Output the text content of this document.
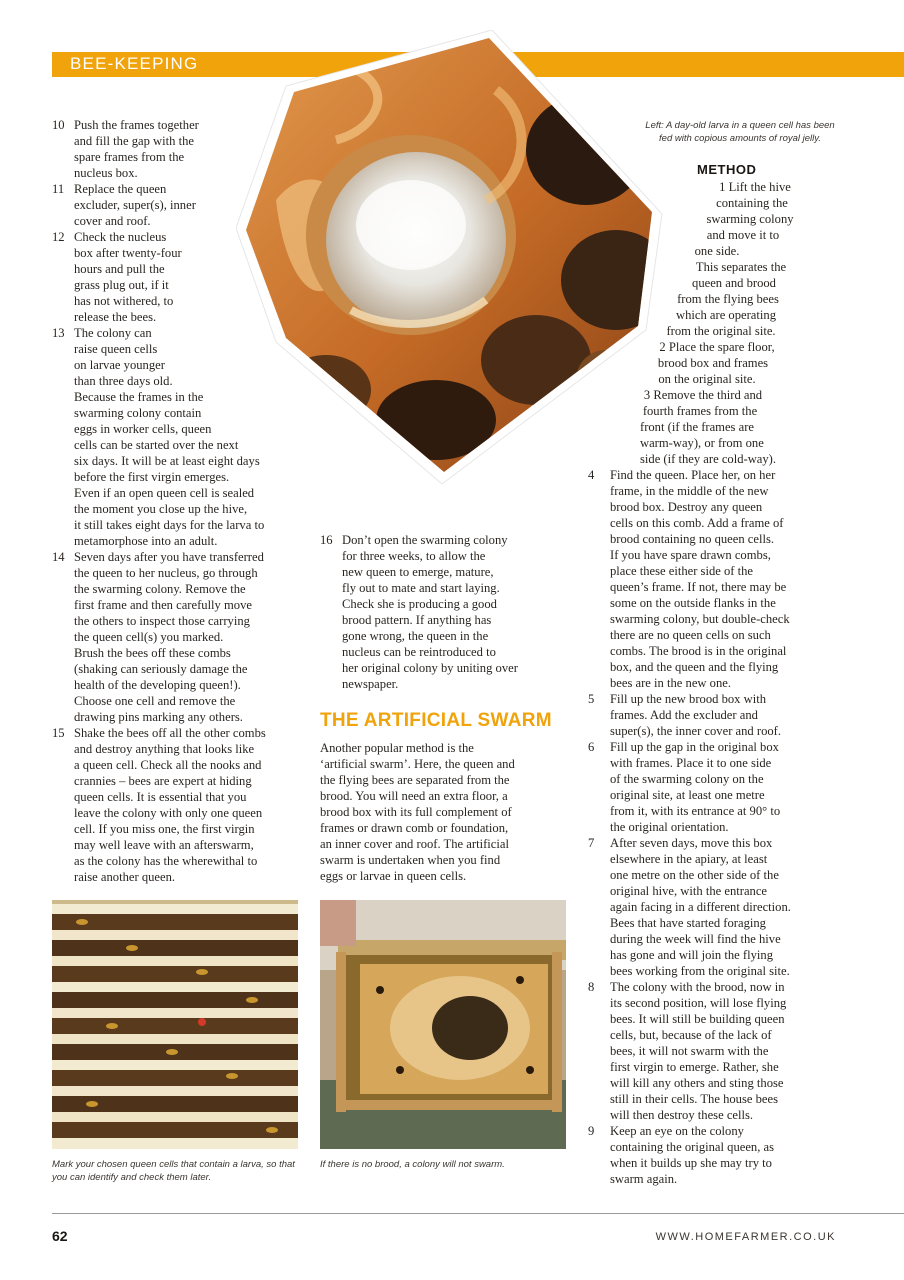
BEE-KEEPING
10 Push the frames together
and fill the gap with the
spare frames from the
nucleus box.
11 Replace the queen
excluder, super(s), inner
cover and roof.
12 Check the nucleus
box after twenty-four
hours and pull the
grass plug out, if it
has not withered, to
release the bees.
13 The colony can
raise queen cells
on larvae younger
than three days old.
Because the frames in the
swarming colony contain
eggs in worker cells, queen
cells can be started over the next
six days. It will be at least eight days
before the first virgin emerges.
Even if an open queen cell is sealed
the moment you close up the hive,
it still takes eight days for the larva to
metamorphose into an adult.
14 Seven days after you have transferred
the queen to her nucleus, go through
the swarming colony. Remove the
first frame and then carefully move
the others to inspect those carrying
the queen cell(s) you marked.
Brush the bees off these combs
(shaking can seriously damage the
health of the developing queen!).
Choose one cell and remove the
drawing pins marking any others.
15 Shake the bees off all the other combs
and destroy anything that looks like
a queen cell. Check all the nooks and
crannies – bees are expert at hiding
queen cells. It is essential that you
leave the colony with only one queen
cell. If you miss one, the first virgin
may well leave with an afterswarm,
as the colony has the wherewithal to
raise another queen.
16 Don’t open the swarming colony
for three weeks, to allow the
new queen to emerge, mature,
fly out to mate and start laying.
Check she is producing a good
brood pattern. If anything has
gone wrong, the queen in the
nucleus can be reintroduced to
her original colony by uniting over
newspaper.
THE ARTIFICIAL SWARM
Another popular method is the
‘artificial swarm’. Here, the queen and
the flying bees are separated from the
brood. You will need an extra floor, a
brood box with its full complement of
frames or drawn comb or foundation,
an inner cover and roof. The artificial
swarm is undertaken when you find
eggs or larvae in queen cells.
Left: A day-old larva in a queen cell has been
fed with copious amounts of royal jelly.
METHOD
1 Lift the hive
containing the
swarming colony
and move it to
one side.
This separates the
queen and brood
from the flying bees
which are operating
from the original site.
2 Place the spare floor,
brood box and frames
on the original site.
3 Remove the third and
fourth frames from the
front (if the frames are
warm-way), or from one
side (if they are cold-way).
4 Find the queen. Place her, on her
frame, in the middle of the new
brood box. Destroy any queen
cells on this comb. Add a frame of
brood containing no queen cells.
If you have spare drawn combs,
place these either side of the
queen’s frame. If not, there may be
some on the outside flanks in the
swarming colony, but double-check
there are no queen cells on such
combs. The brood is in the original
box, and the queen and the flying
bees are in the new one.
5 Fill up the new brood box with
frames. Add the excluder and
super(s), the inner cover and roof.
6 Fill up the gap in the original box
with frames. Place it to one side
of the swarming colony on the
original site, at least one metre
from it, with its entrance at 90° to
the original orientation.
7 After seven days, move this box
elsewhere in the apiary, at least
one metre on the other side of the
original hive, with the entrance
again facing in a different direction.
Bees that have started foraging
during the week will find the hive
has gone and will join the flying
bees working from the original site.
8 The colony with the brood, now in
its second position, will lose flying
bees. It will still be building queen
cells, but, because of the lack of
bees, it will not swarm with the
first virgin to emerge. Rather, she
will kill any others and sting those
still in their cells. The house bees
will then destroy these cells.
9 Keep an eye on the colony
containing the original queen, as
when it builds up she may try to
swarm again.
Mark your chosen queen cells that contain a larva, so that
you can identify and check them later.
If there is no brood, a colony will not swarm.
62	WWW.HOMEFARMER.CO.UK
